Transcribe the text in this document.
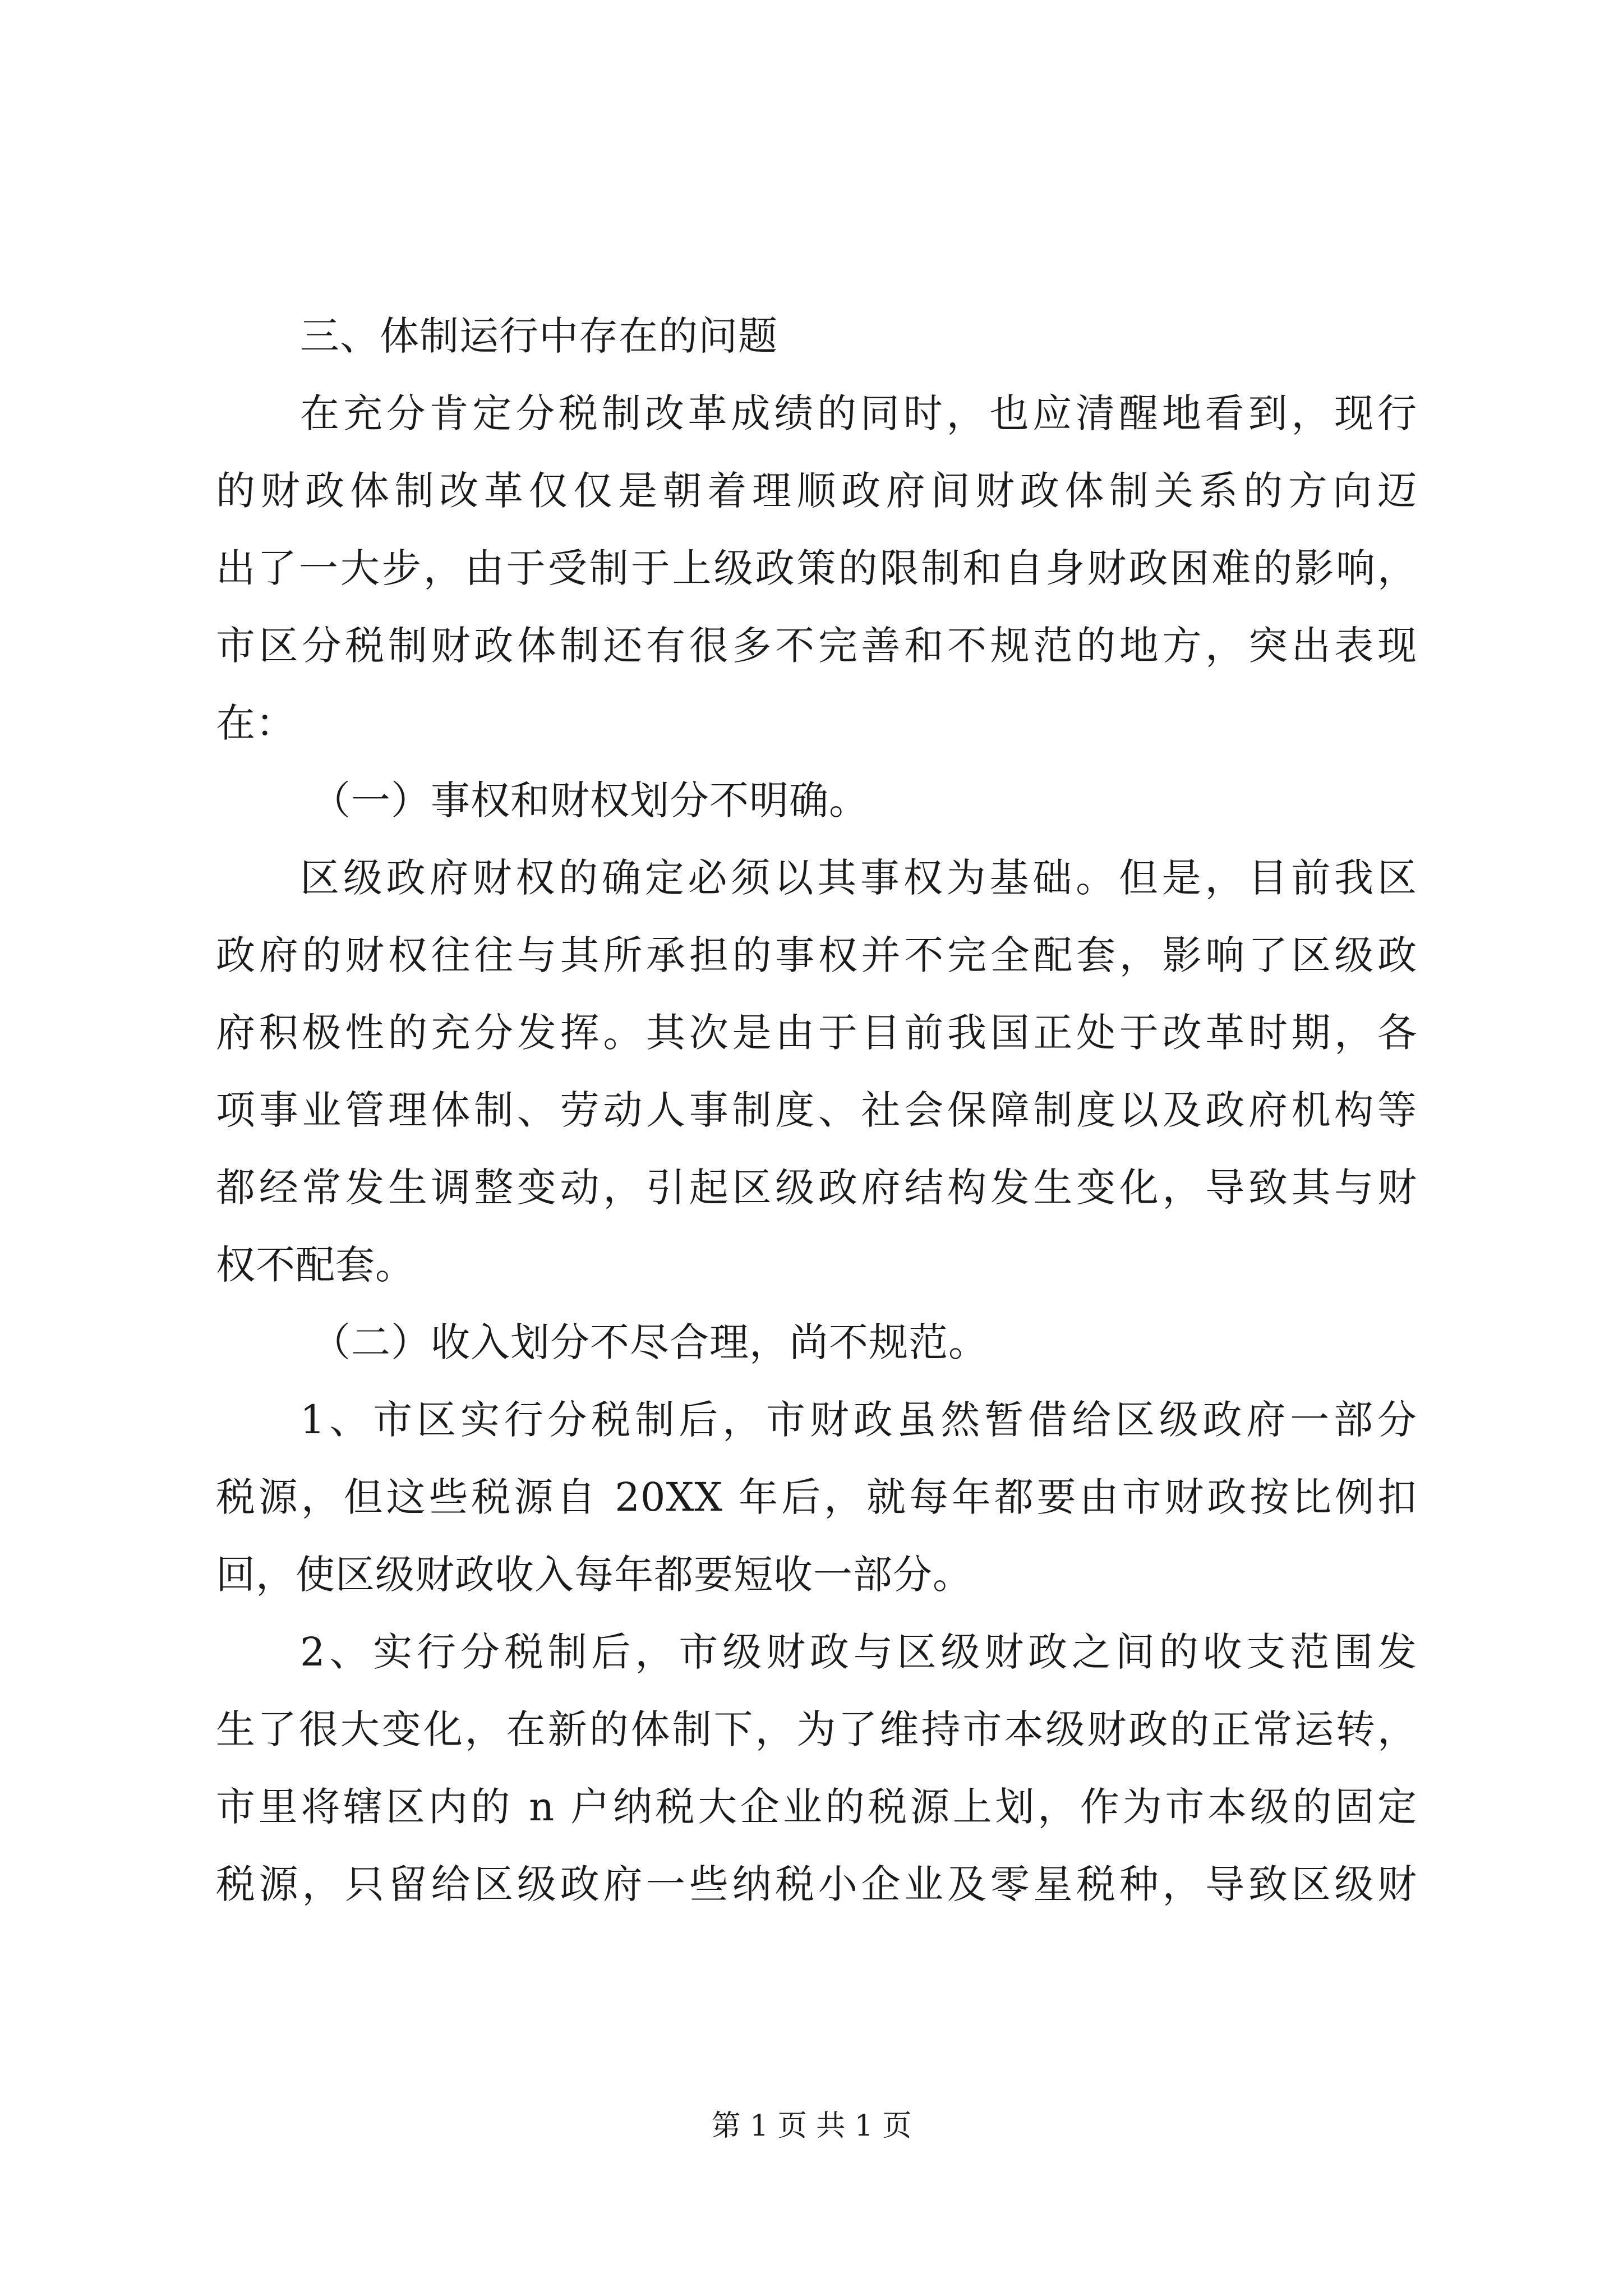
三、体制运行中存在的问题
在充分肯定分税制改革成绩的同时，也应清醒地看到，现行
的财政体制改革仅仅是朝着理顺政府间财政体制关系的方向迈
出了一大步，由于受制于上级政策的限制和自身财政困难的影响，
市区分税制财政体制还有很多不完善和不规范的地方，突出表现
在：
（一）事权和财权划分不明确。
区级政府财权的确定必须以其事权为基础。但是，目前我区
政府的财权往往与其所承担的事权并不完全配套，影响了区级政
府积极性的充分发挥。其次是由于目前我国正处于改革时期，各
项事业管理体制、劳动人事制度、社会保障制度以及政府机构等
都经常发生调整变动，引起区级政府结构发生变化，导致其与财
权不配套。
（二）收入划分不尽合理，尚不规范。
1、市区实行分税制后，市财政虽然暂借给区级政府一部分
税源，但这些税源自 20XX 年后，就每年都要由市财政按比例扣
回，使区级财政收入每年都要短收一部分。
2、实行分税制后，市级财政与区级财政之间的收支范围发
生了很大变化，在新的体制下，为了维持市本级财政的正常运转，
市里将辖区内的 n 户纳税大企业的税源上划，作为市本级的固定
税源，只留给区级政府一些纳税小企业及零星税种，导致区级财
第 1 页 共 1 页
